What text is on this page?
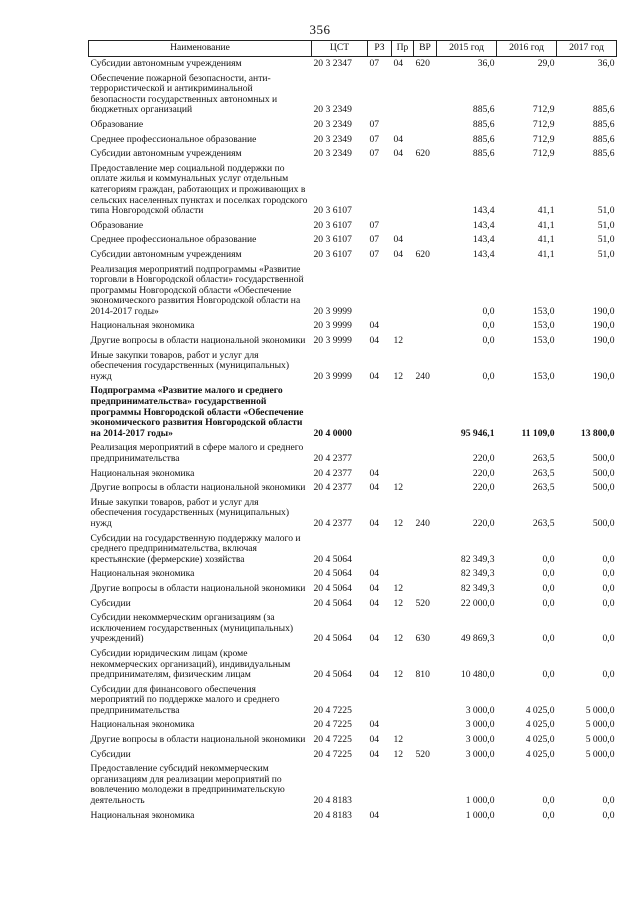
356
Наименование	ЦСТ	РЗ	Пр	ВР	2015 год	2016 год	2017 год
Субсидии автономным учреждениям	20 3 2347	07	04	620	36,0	29,0	36,0
Обеспечение пожарной безопасности, анти-террористической и антикриминальной безопасности государственных автономных и бюджетных организаций	20 3 2349				885,6	712,9	885,6
Образование	20 3 2349	07			885,6	712,9	885,6
Среднее профессиональное образование	20 3 2349	07	04		885,6	712,9	885,6
Субсидии автономным учреждениям	20 3 2349	07	04	620	885,6	712,9	885,6
Предоставление мер социальной поддержки по оплате жилья и коммунальных услуг отдельным категориям граждан, работающих и проживающих в сельских населенных пунктах и поселках городского типа Новгородской области	20 3 6107				143,4	41,1	51,0
Образование	20 3 6107	07			143,4	41,1	51,0
Среднее профессиональное образование	20 3 6107	07	04		143,4	41,1	51,0
Субсидии автономным учреждениям	20 3 6107	07	04	620	143,4	41,1	51,0
Реализация мероприятий подпрограммы «Развитие торговли в Новгородской области» государственной программы Новгородской области «Обеспечение экономического развития Новгородской области на 2014-2017 годы»	20 3 9999				0,0	153,0	190,0
Национальная экономика	20 3 9999	04			0,0	153,0	190,0
Другие вопросы в области национальной экономики	20 3 9999	04	12		0,0	153,0	190,0
Иные закупки товаров, работ и услуг для обеспечения государственных (муниципальных) нужд	20 3 9999	04	12	240	0,0	153,0	190,0
Подпрограмма «Развитие малого и среднего предпринимательства» государственной программы Новгородской области «Обеспечение экономического развития Новгородской области на 2014-2017 годы»	20 4 0000				95 946,1	11 109,0	13 800,0
Реализация мероприятий в сфере малого и среднего предпринимательства	20 4 2377				220,0	263,5	500,0
Национальная экономика	20 4 2377	04			220,0	263,5	500,0
Другие вопросы в области национальной экономики	20 4 2377	04	12		220,0	263,5	500,0
Иные закупки товаров, работ и услуг для обеспечения государственных (муниципальных) нужд	20 4 2377	04	12	240	220,0	263,5	500,0
Субсидии на государственную поддержку малого и среднего предпринимательства, включая крестьянские (фермерские) хозяйства	20 4 5064				82 349,3	0,0	0,0
Национальная экономика	20 4 5064	04			82 349,3	0,0	0,0
Другие вопросы в области национальной экономики	20 4 5064	04	12		82 349,3	0,0	0,0
Субсидии	20 4 5064	04	12	520	22 000,0	0,0	0,0
Субсидии некоммерческим организациям (за исключением государственных (муниципальных) учреждений)	20 4 5064	04	12	630	49 869,3	0,0	0,0
Субсидии юридическим лицам (кроме некоммерческих организаций), индивидуальным предпринимателям, физическим лицам	20 4 5064	04	12	810	10 480,0	0,0	0,0
Субсидии для финансового обеспечения мероприятий по поддержке малого и среднего предпринимательства	20 4 7225				3 000,0	4 025,0	5 000,0
Национальная экономика	20 4 7225	04			3 000,0	4 025,0	5 000,0
Другие вопросы в области национальной экономики	20 4 7225	04	12		3 000,0	4 025,0	5 000,0
Субсидии	20 4 7225	04	12	520	3 000,0	4 025,0	5 000,0
Предоставление субсидий некоммерческим организациям для реализации мероприятий по вовлечению молодежи в предпринимательскую деятельность	20 4 8183				1 000,0	0,0	0,0
Национальная экономика	20 4 8183	04			1 000,0	0,0	0,0
